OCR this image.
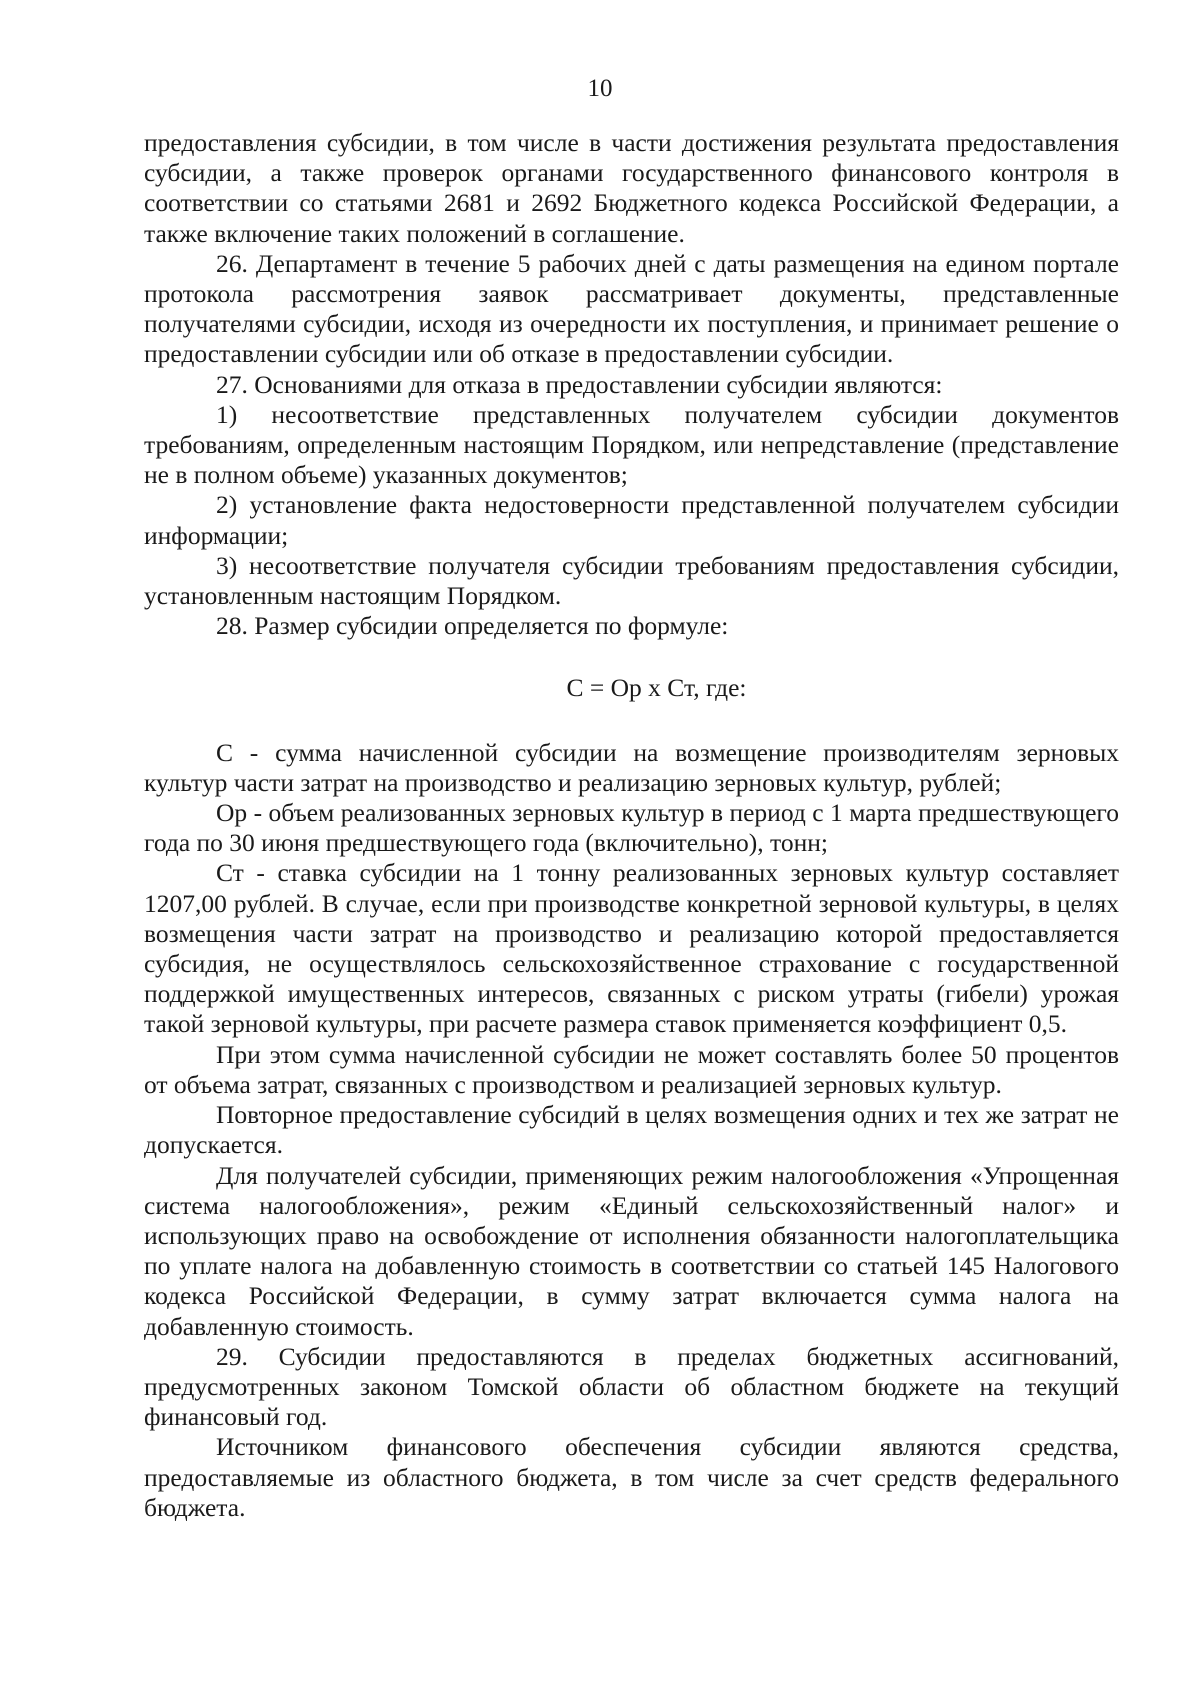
10

предоставления субсидии, в том числе в части достижения результата предоставления субсидии, а также проверок органами государственного финансового контроля в соответствии со статьями 2681 и 2692 Бюджетного кодекса Российской Федерации, а также включение таких положений в соглашение.

26. Департамент в течение 5 рабочих дней с даты размещения на едином портале протокола рассмотрения заявок рассматривает документы, представленные получателями субсидии, исходя из очередности их поступления, и принимает решение о предоставлении субсидии или об отказе в предоставлении субсидии.

27. Основаниями для отказа в предоставлении субсидии являются:

1) несоответствие представленных получателем субсидии документов требованиям, определенным настоящим Порядком, или непредставление (представление не в полном объеме) указанных документов;

2) установление факта недостоверности представленной получателем субсидии информации;

3) несоответствие получателя субсидии требованиям предоставления субсидии, установленным настоящим Порядком.

28. Размер субсидии определяется по формуле:

С = Ор х Ст, где:

С - сумма начисленной субсидии на возмещение производителям зерновых культур части затрат на производство и реализацию зерновых культур, рублей;

Ор - объем реализованных зерновых культур в период с 1 марта предшествующего года по 30 июня предшествующего года (включительно), тонн;

Ст - ставка субсидии на 1 тонну реализованных зерновых культур составляет 1207,00 рублей. В случае, если при производстве конкретной зерновой культуры, в целях возмещения части затрат на производство и реализацию которой предоставляется субсидия, не осуществлялось сельскохозяйственное страхование с государственной поддержкой имущественных интересов, связанных с риском утраты (гибели) урожая такой зерновой культуры, при расчете размера ставок применяется коэффициент 0,5.

При этом сумма начисленной субсидии не может составлять более 50 процентов от объема затрат, связанных с производством и реализацией зерновых культур.

Повторное предоставление субсидий в целях возмещения одних и тех же затрат не допускается.

Для получателей субсидии, применяющих режим налогообложения «Упрощенная система налогообложения», режим «Единый сельскохозяйственный налог» и использующих право на освобождение от исполнения обязанности налогоплательщика по уплате налога на добавленную стоимость в соответствии со статьей 145 Налогового кодекса Российской Федерации, в сумму затрат включается сумма налога на добавленную стоимость.

29. Субсидии предоставляются в пределах бюджетных ассигнований, предусмотренных законом Томской области об областном бюджете на текущий финансовый год.

Источником финансового обеспечения субсидии являются средства, предоставляемые из областного бюджета, в том числе за счет средств федерального бюджета.
